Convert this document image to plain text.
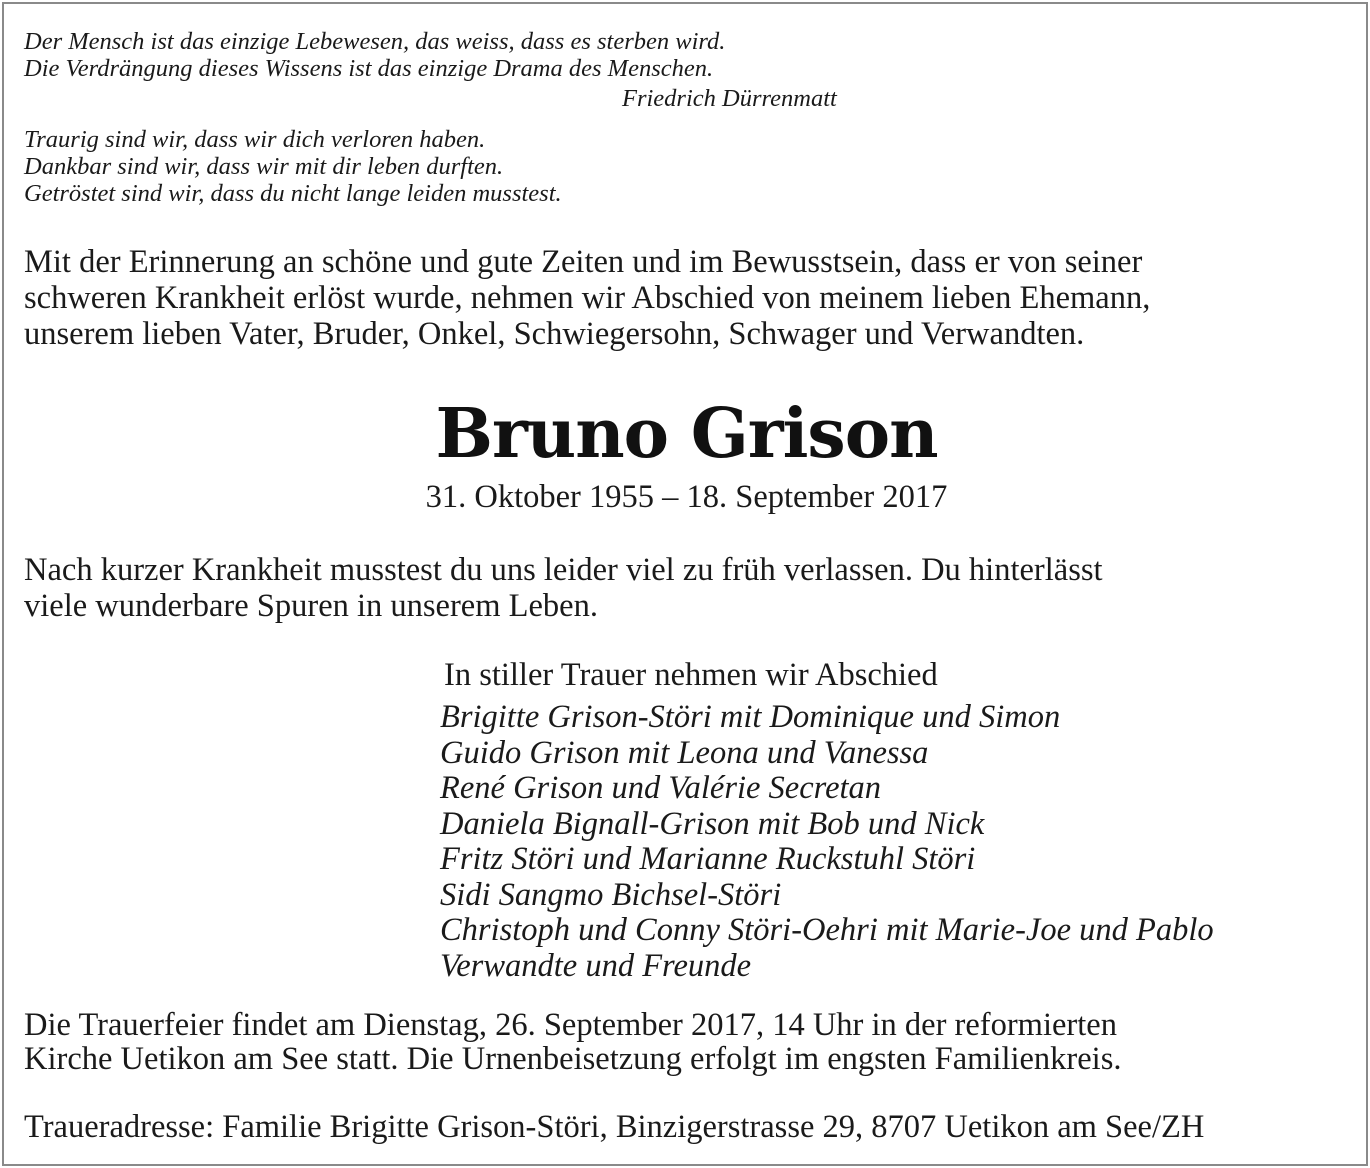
Der Mensch ist das einzige Lebewesen, das weiss, dass es sterben wird.
Die Verdrängung dieses Wissens ist das einzige Drama des Menschen.
Friedrich Dürrenmatt
Traurig sind wir, dass wir dich verloren haben.
Dankbar sind wir, dass wir mit dir leben durften.
Getröstet sind wir, dass du nicht lange leiden musstest.
Mit der Erinnerung an schöne und gute Zeiten und im Bewusstsein, dass er von seiner
schweren Krankheit erlöst wurde, nehmen wir Abschied von meinem lieben Ehemann,
unserem lieben Vater, Bruder, Onkel, Schwiegersohn, Schwager und Verwandten.
Bruno Grison
31. Oktober 1955 – 18. September 2017
Nach kurzer Krankheit musstest du uns leider viel zu früh verlassen. Du hinterlässt
viele wunderbare Spuren in unserem Leben.
In stiller Trauer nehmen wir Abschied
Brigitte Grison-Störi mit Dominique und Simon
Guido Grison mit Leona und Vanessa
René Grison und Valérie Secretan
Daniela Bignall-Grison mit Bob und Nick
Fritz Störi und Marianne Ruckstuhl Störi
Sidi Sangmo Bichsel-Störi
Christoph und Conny Störi-Oehri mit Marie-Joe und Pablo
Verwandte und Freunde
Die Trauerfeier findet am Dienstag, 26. September 2017, 14 Uhr in der reformierten
Kirche Uetikon am See statt. Die Urnenbeisetzung erfolgt im engsten Familienkreis.
Traueradresse: Familie Brigitte Grison-Störi, Binzigerstrasse 29, 8707 Uetikon am See/ZH
